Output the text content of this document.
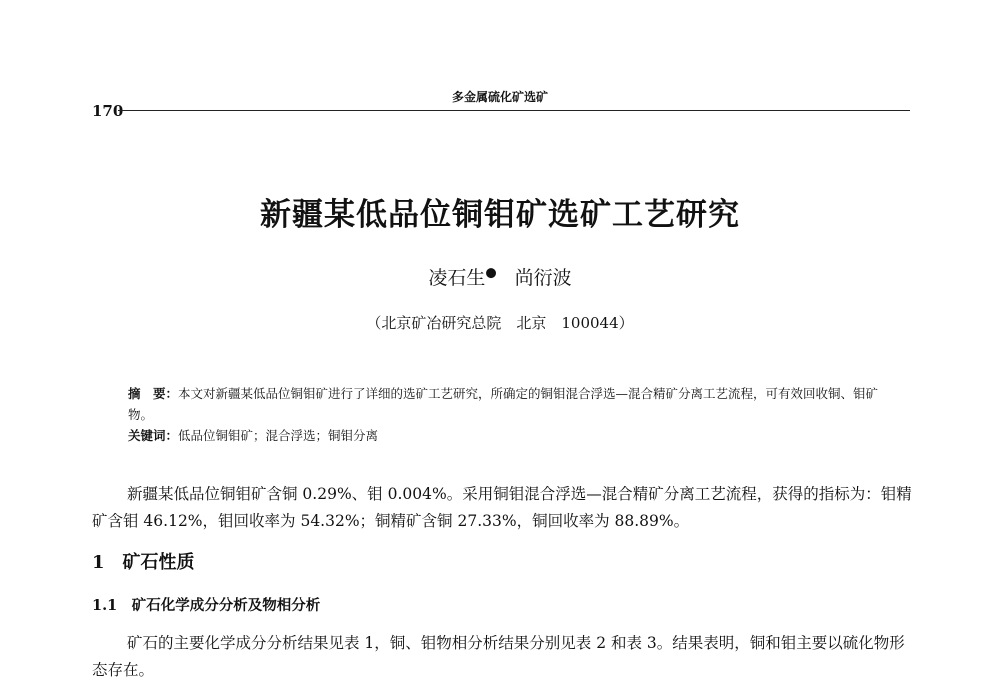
多金属硫化矿选矿
170
新疆某低品位铜钼矿选矿工艺研究
凌石生● 尚衍波
（北京矿冶研究总院　北京　100044）
摘　要：本文对新疆某低品位铜钼矿进行了详细的选矿工艺研究，所确定的铜钼混合浮选—混合精矿分离工艺流程，可有效回收铜、钼矿物。
关键词：低品位铜钼矿；混合浮选；铜钼分离
新疆某低品位铜钼矿含铜 0.29%、钼 0.004%。采用铜钼混合浮选—混合精矿分离工艺流程，获得的指标为：钼精矿含钼 46.12%，钼回收率为 54.32%；铜精矿含铜 27.33%，铜回收率为 88.89%。
1　矿石性质
1.1　矿石化学成分分析及物相分析
矿石的主要化学成分分析结果见表 1，铜、钼物相分析结果分别见表 2 和表 3。结果表明，铜和钼主要以硫化物形态存在。
